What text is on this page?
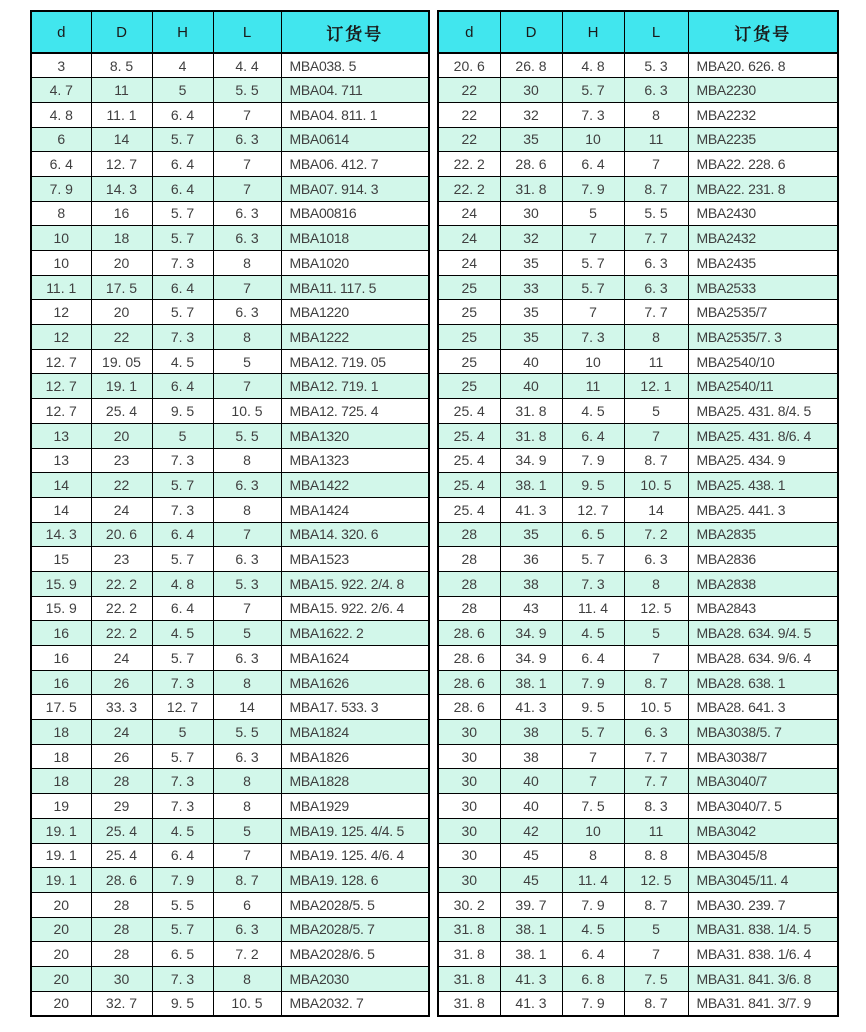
d	D	H	L	订货号
3	8. 5	4	4. 4	MBA038. 5
4. 7	11	5	5. 5	MBA04. 711
4. 8	11. 1	6. 4	7	MBA04. 811. 1
6	14	5. 7	6. 3	MBA0614
6. 4	12. 7	6. 4	7	MBA06. 412. 7
7. 9	14. 3	6. 4	7	MBA07. 914. 3
8	16	5. 7	6. 3	MBA00816
10	18	5. 7	6. 3	MBA1018
10	20	7. 3	8	MBA1020
11. 1	17. 5	6. 4	7	MBA11. 117. 5
12	20	5. 7	6. 3	MBA1220
12	22	7. 3	8	MBA1222
12. 7	19. 05	4. 5	5	MBA12. 719. 05
12. 7	19. 1	6. 4	7	MBA12. 719. 1
12. 7	25. 4	9. 5	10. 5	MBA12. 725. 4
13	20	5	5. 5	MBA1320
13	23	7. 3	8	MBA1323
14	22	5. 7	6. 3	MBA1422
14	24	7. 3	8	MBA1424
14. 3	20. 6	6. 4	7	MBA14. 320. 6
15	23	5. 7	6. 3	MBA1523
15. 9	22. 2	4. 8	5. 3	MBA15. 922. 2/4. 8
15. 9	22. 2	6. 4	7	MBA15. 922. 2/6. 4
16	22. 2	4. 5	5	MBA1622. 2
16	24	5. 7	6. 3	MBA1624
16	26	7. 3	8	MBA1626
17. 5	33. 3	12. 7	14	MBA17. 533. 3
18	24	5	5. 5	MBA1824
18	26	5. 7	6. 3	MBA1826
18	28	7. 3	8	MBA1828
19	29	7. 3	8	MBA1929
19. 1	25. 4	4. 5	5	MBA19. 125. 4/4. 5
19. 1	25. 4	6. 4	7	MBA19. 125. 4/6. 4
19. 1	28. 6	7. 9	8. 7	MBA19. 128. 6
20	28	5. 5	6	MBA2028/5. 5
20	28	5. 7	6. 3	MBA2028/5. 7
20	28	6. 5	7. 2	MBA2028/6. 5
20	30	7. 3	8	MBA2030
20	32. 7	9. 5	10. 5	MBA2032. 7
d	D	H	L	订货号
20. 6	26. 8	4. 8	5. 3	MBA20. 626. 8
22	30	5. 7	6. 3	MBA2230
22	32	7. 3	8	MBA2232
22	35	10	11	MBA2235
22. 2	28. 6	6. 4	7	MBA22. 228. 6
22. 2	31. 8	7. 9	8. 7	MBA22. 231. 8
24	30	5	5. 5	MBA2430
24	32	7	7. 7	MBA2432
24	35	5. 7	6. 3	MBA2435
25	33	5. 7	6. 3	MBA2533
25	35	7	7. 7	MBA2535/7
25	35	7. 3	8	MBA2535/7. 3
25	40	10	11	MBA2540/10
25	40	11	12. 1	MBA2540/11
25. 4	31. 8	4. 5	5	MBA25. 431. 8/4. 5
25. 4	31. 8	6. 4	7	MBA25. 431. 8/6. 4
25. 4	34. 9	7. 9	8. 7	MBA25. 434. 9
25. 4	38. 1	9. 5	10. 5	MBA25. 438. 1
25. 4	41. 3	12. 7	14	MBA25. 441. 3
28	35	6. 5	7. 2	MBA2835
28	36	5. 7	6. 3	MBA2836
28	38	7. 3	8	MBA2838
28	43	11. 4	12. 5	MBA2843
28. 6	34. 9	4. 5	5	MBA28. 634. 9/4. 5
28. 6	34. 9	6. 4	7	MBA28. 634. 9/6. 4
28. 6	38. 1	7. 9	8. 7	MBA28. 638. 1
28. 6	41. 3	9. 5	10. 5	MBA28. 641. 3
30	38	5. 7	6. 3	MBA3038/5. 7
30	38	7	7. 7	MBA3038/7
30	40	7	7. 7	MBA3040/7
30	40	7. 5	8. 3	MBA3040/7. 5
30	42	10	11	MBA3042
30	45	8	8. 8	MBA3045/8
30	45	11. 4	12. 5	MBA3045/11. 4
30. 2	39. 7	7. 9	8. 7	MBA30. 239. 7
31. 8	38. 1	4. 5	5	MBA31. 838. 1/4. 5
31. 8	38. 1	6. 4	7	MBA31. 838. 1/6. 4
31. 8	41. 3	6. 8	7. 5	MBA31. 841. 3/6. 8
31. 8	41. 3	7. 9	8. 7	MBA31. 841. 3/7. 9
